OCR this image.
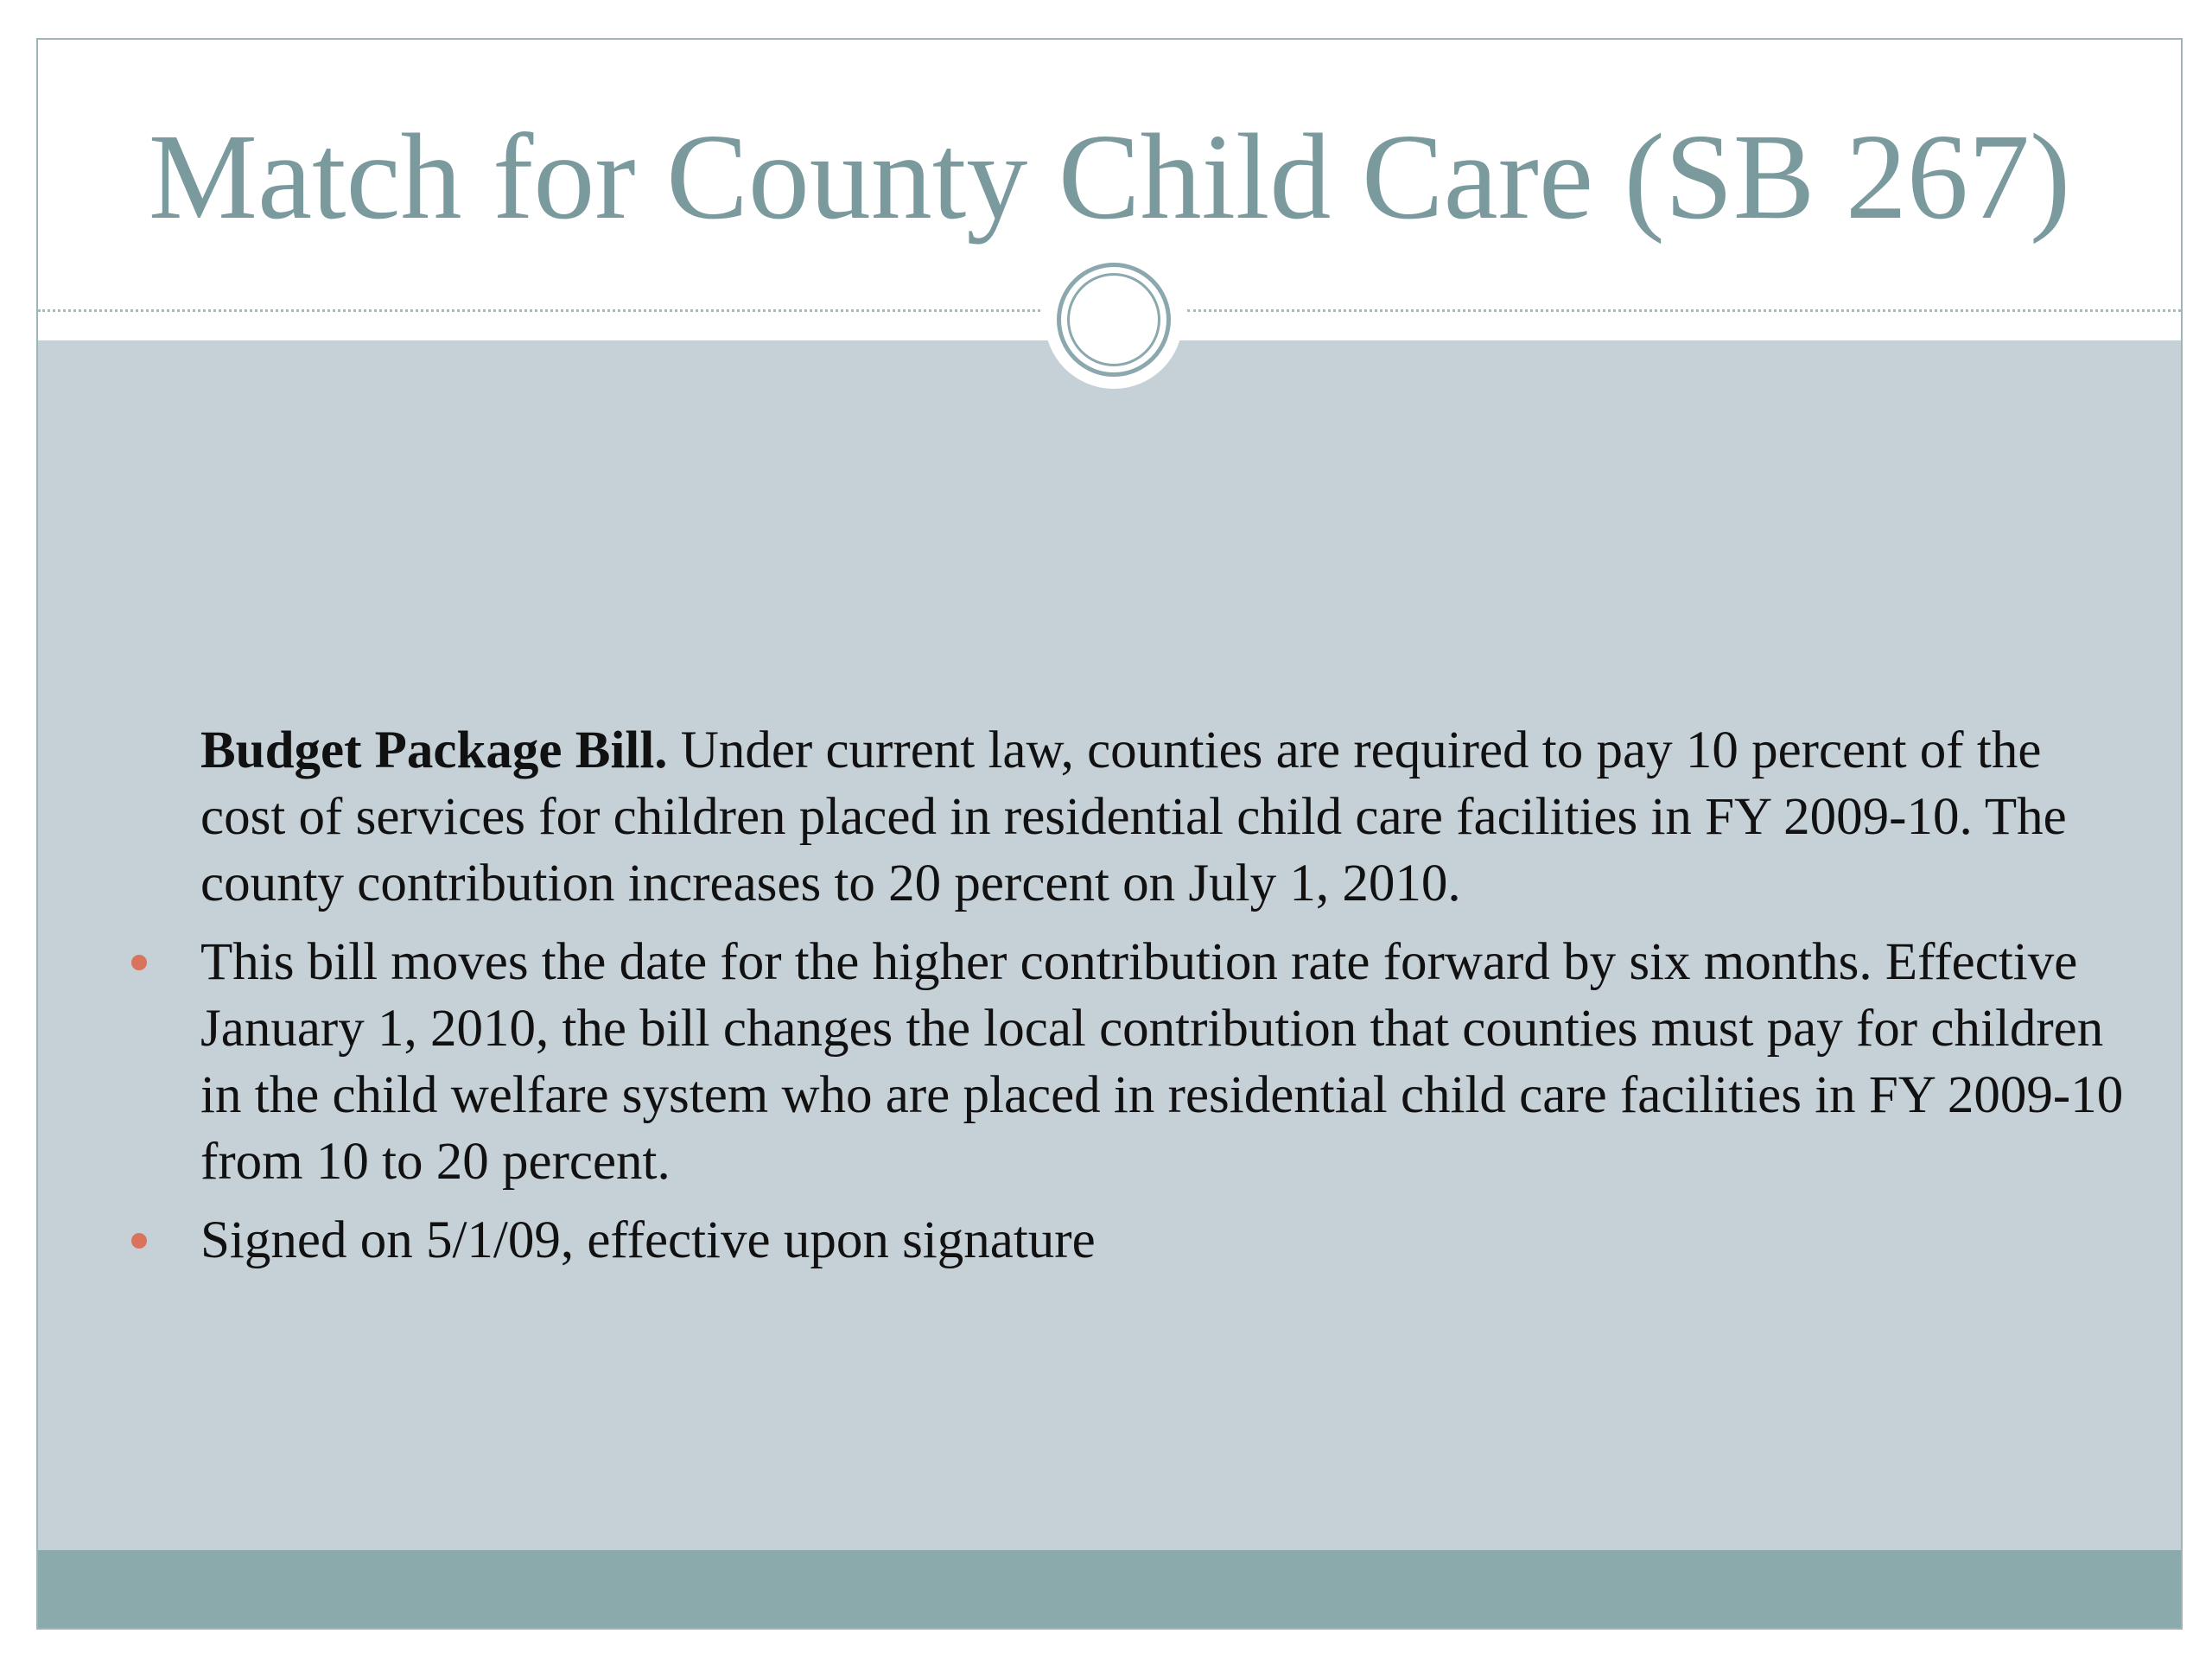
Match for County Child Care (SB 267)

Budget Package Bill. Under current law, counties are required to pay 10 percent of the cost of services for children placed in residential child care facilities in FY 2009-10. The county contribution increases to 20 percent on July 1, 2010.

This bill moves the date for the higher contribution rate forward by six months. Effective January 1, 2010, the bill changes the local contribution that counties must pay for children in the child welfare system who are placed in residential child care facilities in FY 2009-10 from 10 to 20 percent.

Signed on 5/1/09, effective upon signature
